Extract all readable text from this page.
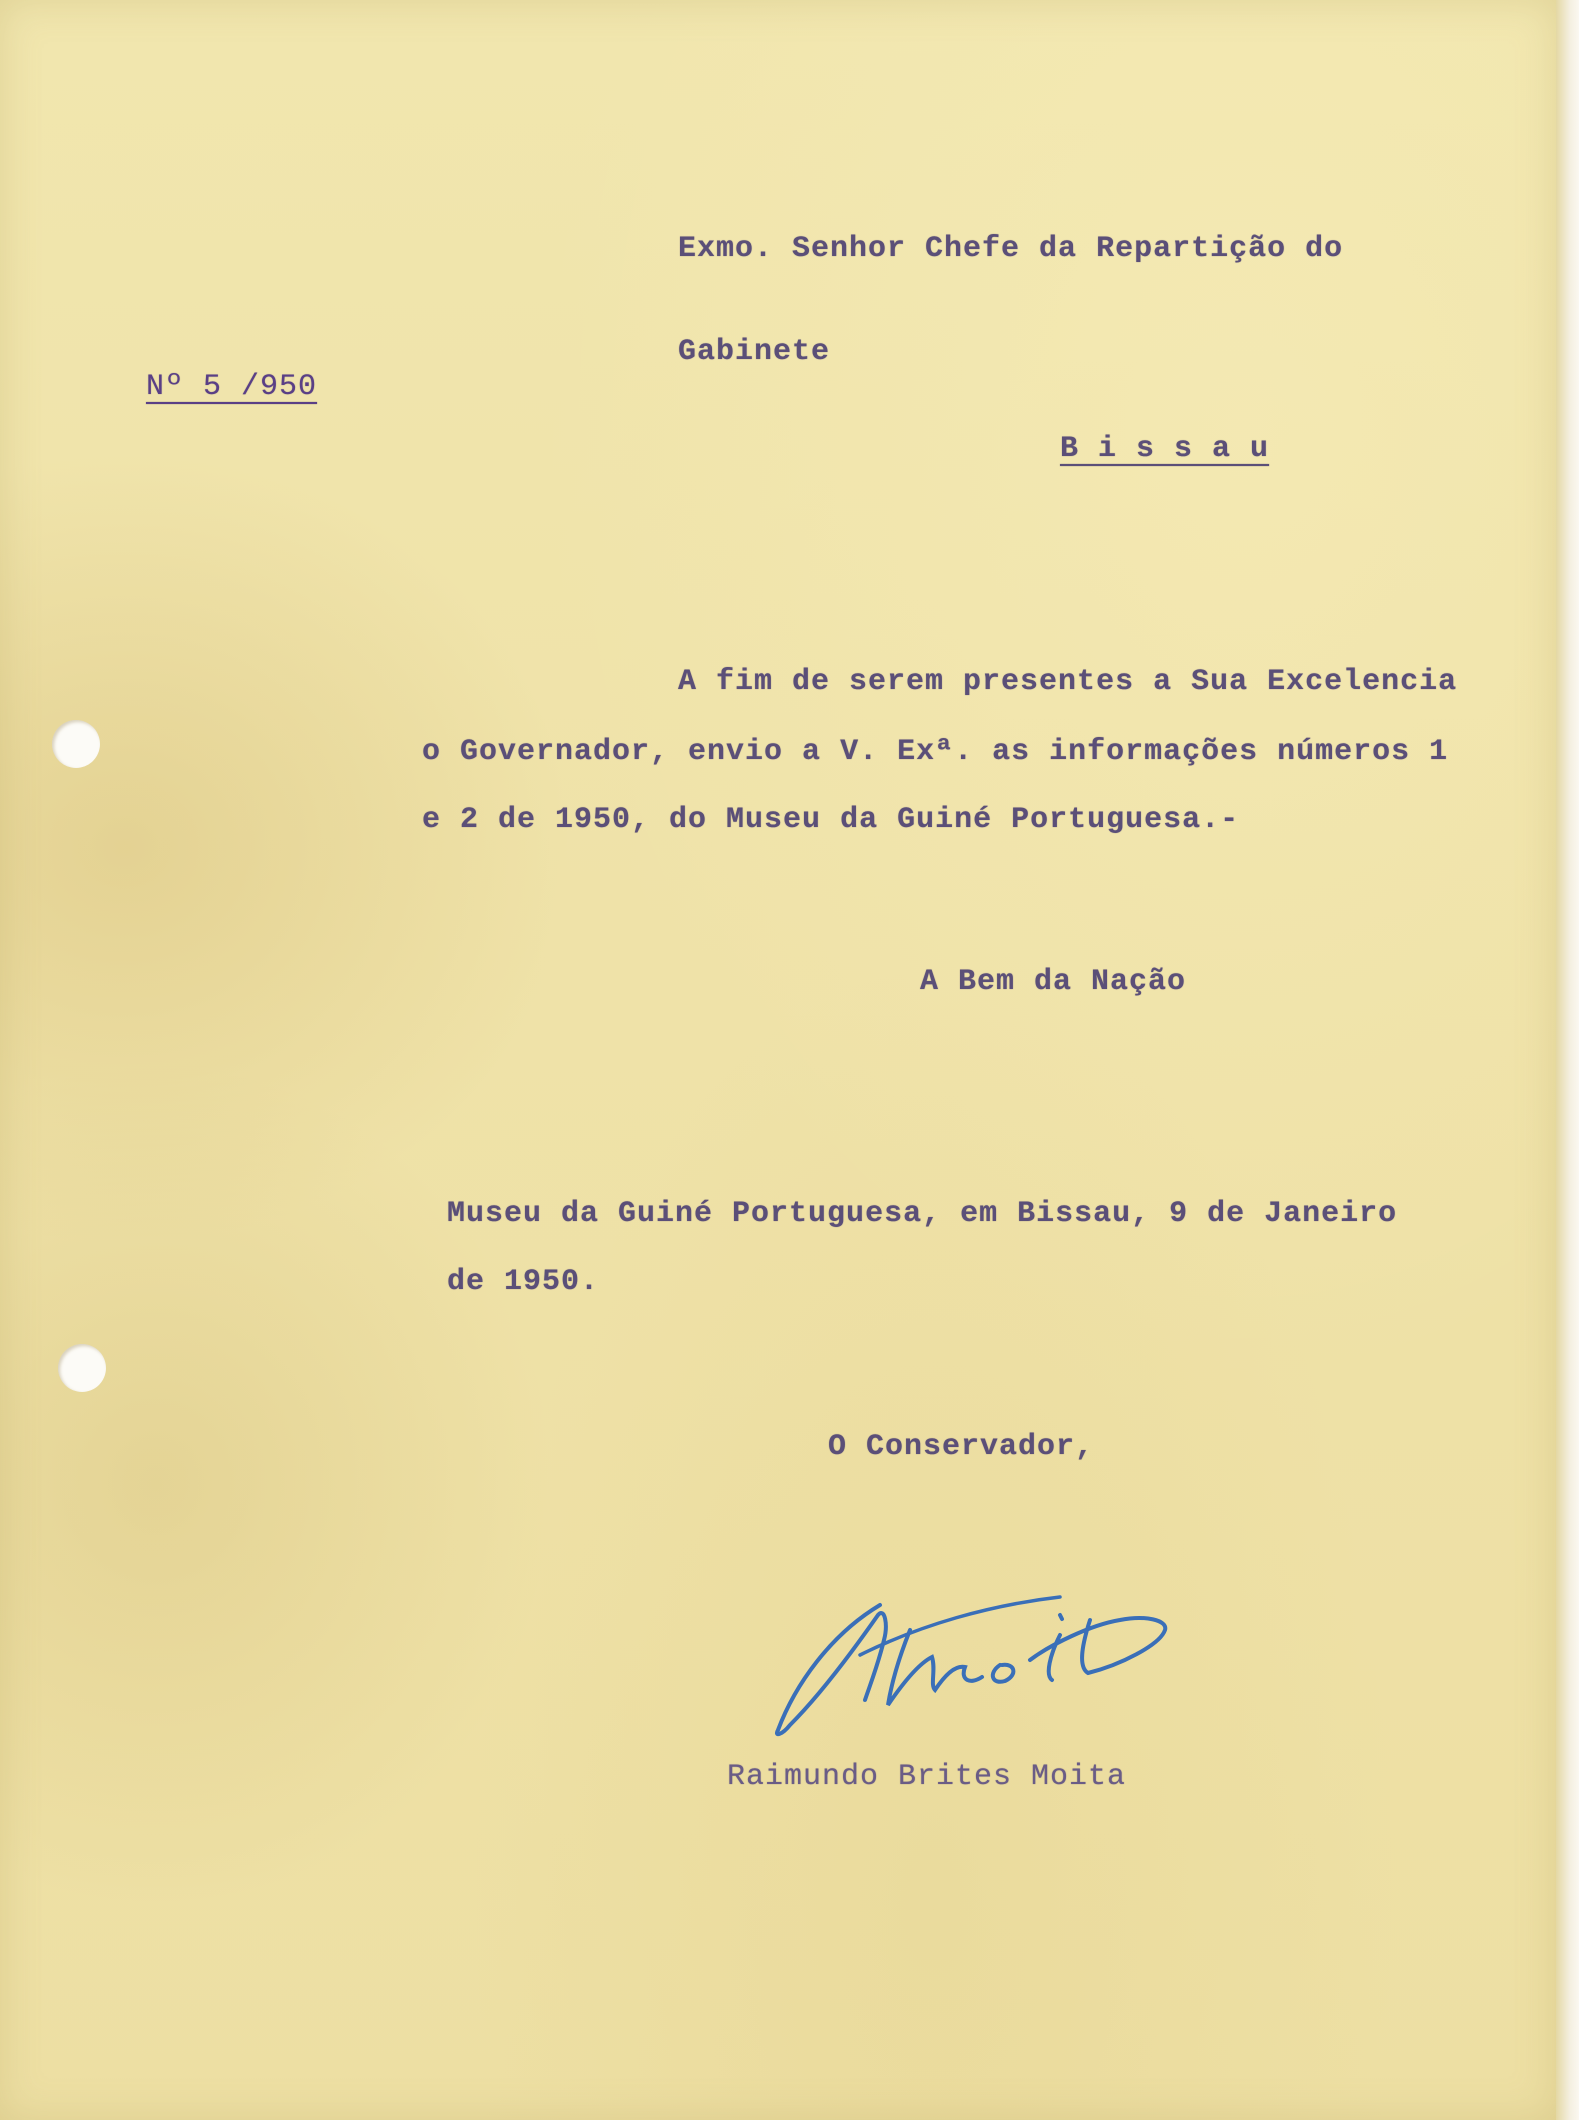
Exmo. Senhor Chefe da Repartição do

Gabinete

Nº 5 /950

B i s s a u

A fim de serem presentes a Sua Excelencia

o Governador, envio a V. Exª. as informações números 1

e 2 de 1950, do Museu da Guiné Portuguesa.-

A Bem da Nação

Museu da Guiné Portuguesa, em Bissau, 9 de Janeiro

de 1950.

O Conservador,

Raimundo Brites Moita
